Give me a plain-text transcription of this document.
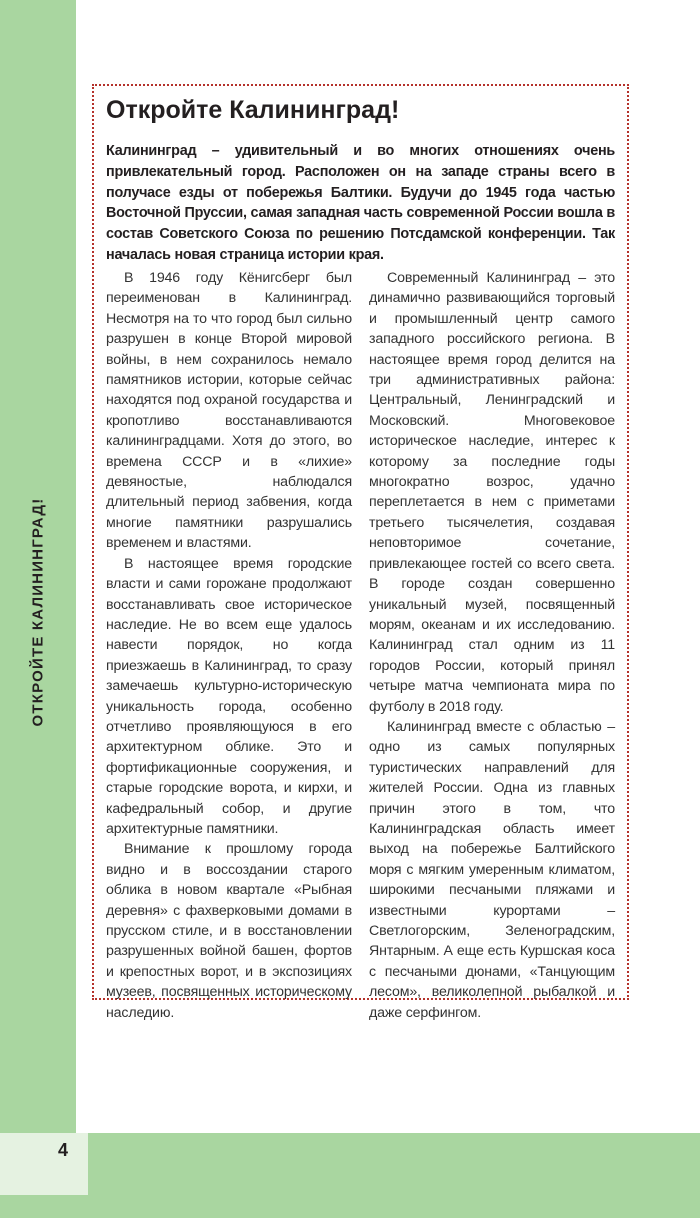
ОТКРОЙТЕ КАЛИНИНГРАД!
4
Откройте Калининград!

Калининград – удивительный и во многих отношениях очень привлекательный город. Расположен он на западе страны всего в получасе езды от побережья Балтики. Будучи до 1945 года частью Восточной Пруссии, самая западная часть современной России вошла в состав Советского Союза по решению Потсдамской конференции. Так началась новая страница истории края.

В 1946 году Кёнигсберг был переименован в Калининград. Несмотря на то что город был сильно разрушен в конце Второй мировой войны, в нем сохранилось немало памятников истории, которые сейчас находятся под охраной государства и кропотливо восстанавливаются калининградцами. Хотя до этого, во времена СССР и в «лихие» девяностые, наблюдался длительный период забвения, когда многие памятники разрушались временем и властями.

В настоящее время городские власти и сами горожане продолжают восстанавливать свое историческое наследие. Не во всем еще удалось навести порядок, но когда приезжаешь в Калининград, то сразу замечаешь культурно-историческую уникальность города, особенно отчетливо проявляющуюся в его архитектурном облике. Это и фортификационные сооружения, и старые городские ворота, и кирхи, и кафедральный собор, и другие архитектурные памятники.

Внимание к прошлому города видно и в воссоздании старого облика в новом квартале «Рыбная деревня» с фахверковыми домами в прусском стиле, и в восстановлении разрушенных войной башен, фортов и крепостных ворот, и в экспозициях музеев, посвященных историческому наследию.

Современный Калининград – это динамично развивающийся торговый и промышленный центр самого западного российского региона. В настоящее время город делится на три административных района: Центральный, Ленинградский и Московский. Многовековое историческое наследие, интерес к которому за последние годы многократно возрос, удачно переплетается в нем с приметами третьего тысячелетия, создавая неповторимое сочетание, привлекающее гостей со всего света. В городе создан совершенно уникальный музей, посвященный морям, океанам и их исследованию. Калининград стал одним из 11 городов России, который принял четыре матча чемпионата мира по футболу в 2018 году.

Калининград вместе с областью – одно из самых популярных туристических направлений для жителей России. Одна из главных причин этого в том, что Калининградская область имеет выход на побережье Балтийского моря с мягким умеренным климатом, широкими песчаными пляжами и известными курортами – Светлогорским, Зеленоградским, Янтарным. А еще есть Куршская коса с песчаными дюнами, «Танцующим лесом», великолепной рыбалкой и даже серфингом.
